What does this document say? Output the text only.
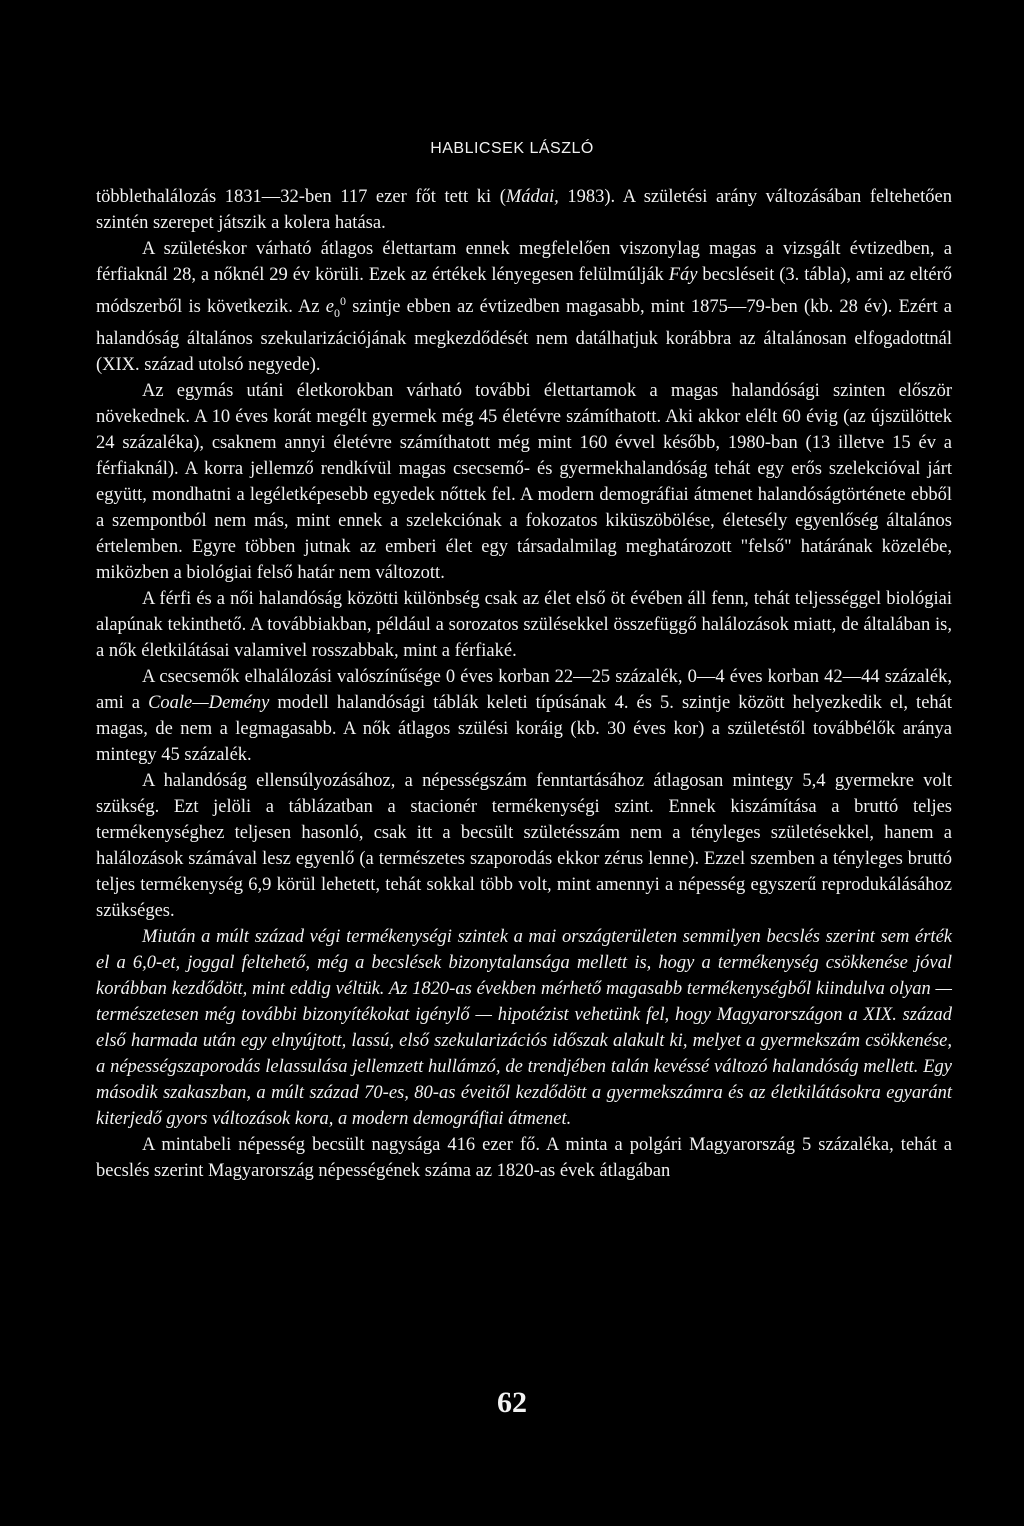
HABLICSEK LÁSZLÓ

többlethalálozás 1831—32-ben 117 ezer főt tett ki (Mádai, 1983). A születési arány változásában feltehetően szintén szerepet játszik a kolera hatása.

A születéskor várható átlagos élettartam ennek megfelelően viszonylag magas a vizsgált évtizedben, a férfiaknál 28, a nőknél 29 év körüli. Ezek az értékek lényegesen felülmúlják Fáy becsléseit (3. tábla), ami az eltérő módszerből is következik. Az $e_0^0$ szintje ebben az évtizedben magasabb, mint 1875—79-ben (kb. 28 év). Ezért a halandóság általános szekularizációjának megkezdődését nem datálhatjuk korábbra az általánosan elfogadottnál (XIX. század utolsó negyede).

Az egymás utáni életkorokban várható további élettartamok a magas halandósági szinten először növekednek. A 10 éves korát megélt gyermek még 45 életévre számíthatott. Aki akkor elélt 60 évig (az újszülöttek 24 százaléka), csaknem annyi életévre számíthatott még mint 160 évvel később, 1980-ban (13 illetve 15 év a férfiaknál). A korra jellemző rendkívül magas csecsemő- és gyermekhalandóság tehát egy erős szelekcióval járt együtt, mondhatni a legéletképesebb egyedek nőttek fel. A modern demográfiai átmenet halandóságtörténete ebből a szempontból nem más, mint ennek a szelekciónak a fokozatos kiküszöbölése, életesély egyenlőség általános értelemben. Egyre többen jutnak az emberi élet egy társadalmilag meghatározott "felső" határának közelébe, miközben a biológiai felső határ nem változott.

A férfi és a női halandóság közötti különbség csak az élet első öt évében áll fenn, tehát teljességgel biológiai alapúnak tekinthető. A továbbiakban, például a sorozatos szülésekkel összefüggő halálozások miatt, de általában is, a nők életkilátásai valamivel rosszabbak, mint a férfiaké.

A csecsemők elhalálozási valószínűsége 0 éves korban 22—25 százalék, 0—4 éves korban 42—44 százalék, ami a Coale—Demény modell halandósági táblák keleti típúsának 4. és 5. szintje között helyezkedik el, tehát magas, de nem a legmagasabb. A nők átlagos szülési koráig (kb. 30 éves kor) a születéstől továbbélők aránya mintegy 45 százalék.

A halandóság ellensúlyozásához, a népességszám fenntartásához átlagosan mintegy 5,4 gyermekre volt szükség. Ezt jelöli a táblázatban a stacionér termékenységi szint. Ennek kiszámítása a bruttó teljes termékenységhez teljesen hasonló, csak itt a becsült születésszám nem a tényleges születésekkel, hanem a halálozások számával lesz egyenlő (a természetes szaporodás ekkor zérus lenne). Ezzel szemben a tényleges bruttó teljes termékenység 6,9 körül lehetett, tehát sokkal több volt, mint amennyi a népesség egyszerű reprodukálásához szükséges.

Miután a múlt század végi termékenységi szintek a mai országterületen semmilyen becslés szerint sem érték el a 6,0-et, joggal feltehető, még a becslések bizonytalansága mellett is, hogy a termékenység csökkenése jóval korábban kezdődött, mint eddig véltük. Az 1820-as években mérhető magasabb termékenységből kiindulva olyan — természetesen még további bizonyítékokat igénylő — hipotézist vehetünk fel, hogy Magyarországon a XIX. század első harmada után egy elnyújtott, lassú, első szekularizációs időszak alakult ki, melyet a gyermekszám csökkenése, a népességszaporodás lelassulása jellemzett hullámzó, de trendjében talán kevéssé változó halandóság mellett. Egy második szakaszban, a múlt század 70-es, 80-as éveitől kezdődött a gyermekszámra és az életkilátásokra egyaránt kiterjedő gyors változások kora, a modern demográfiai átmenet.

A mintabeli népesség becsült nagysága 416 ezer fő. A minta a polgári Magyarország 5 százaléka, tehát a becslés szerint Magyarország népességének száma az 1820-as évek átlagában

62
